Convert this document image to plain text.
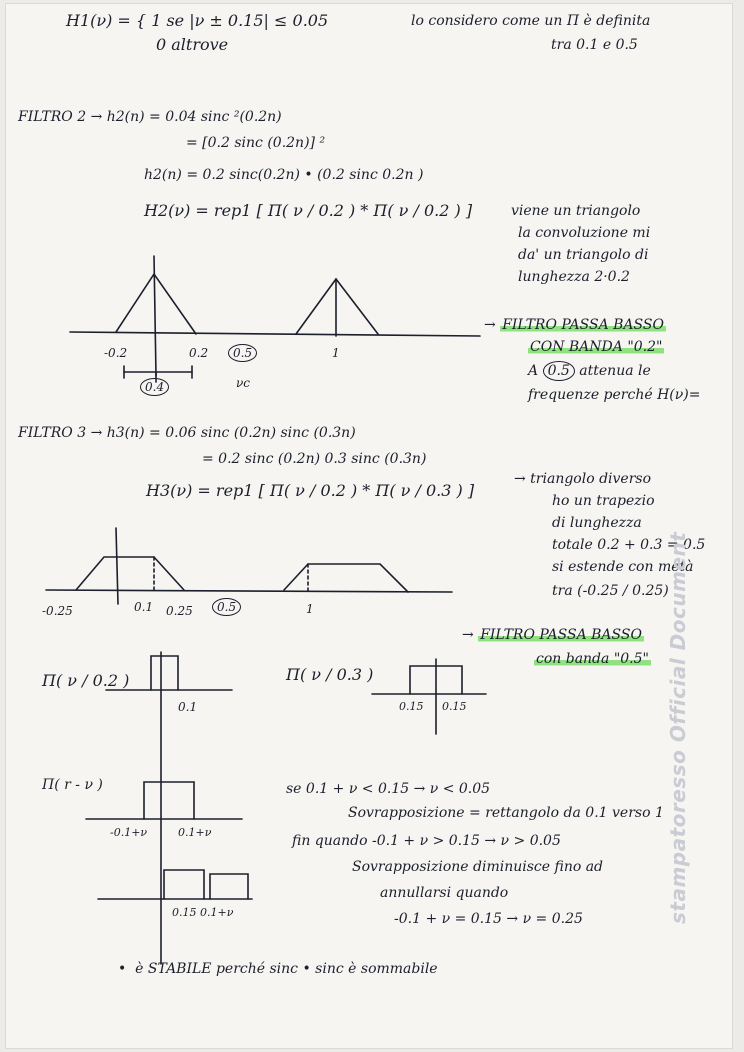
H1(ν) = { 1 se |ν ± 0.15| ≤ 0.05
0 altrove
lo considero come un Π è definita
tra 0.1 e 0.5
FILTRO 2 → h2(n) = 0.04 sinc ²(0.2n)
= [0.2 sinc (0.2n)] ²
h2(n) = 0.2 sinc(0.2n) • (0.2 sinc 0.2n )
H2(ν) = rep1 [ Π( ν / 0.2 ) * Π( ν / 0.2 ) ]	viene un triangolo
la convoluzione mi
da' un triangolo di
lunghezza 2·0.2
-0.2	0.2	0.5	1
0.4	νc
→ FILTRO PASSA BASSO
CON BANDA "0.2"
A 0.5 attenua le
frequenze perché H(ν)=
FILTRO 3 → h3(n) = 0.06 sinc (0.2n) sinc (0.3n)
= 0.2 sinc (0.2n) 0.3 sinc (0.3n)
H3(ν) = rep1 [ Π( ν / 0.2 ) * Π( ν / 0.3 ) ]
→ triangolo diverso
ho un trapezio
di lunghezza
totale 0.2 + 0.3 = 0.5
si estende con metà
tra (-0.25 / 0.25)
-0.25	0.1 0.25	0.5	1
→ FILTRO PASSA BASSO
con banda "0.5"
Π( ν / 0.2 )
0.1
Π( ν / 0.3 )
0.15 0.15
Π( r - ν )
-0.1+ν	0.1+ν
0.15 0.1+ν
se 0.1 + ν < 0.15 → ν < 0.05
Sovrapposizione = rettangolo da 0.1 verso 1
fin quando -0.1 + ν > 0.15 → ν > 0.05
Sovrapposizione diminuisce fino ad
annullarsi quando
-0.1 + ν = 0.15 → ν = 0.25
• è STABILE perché sinc • sinc è sommabile
stampatoresso Official Document
